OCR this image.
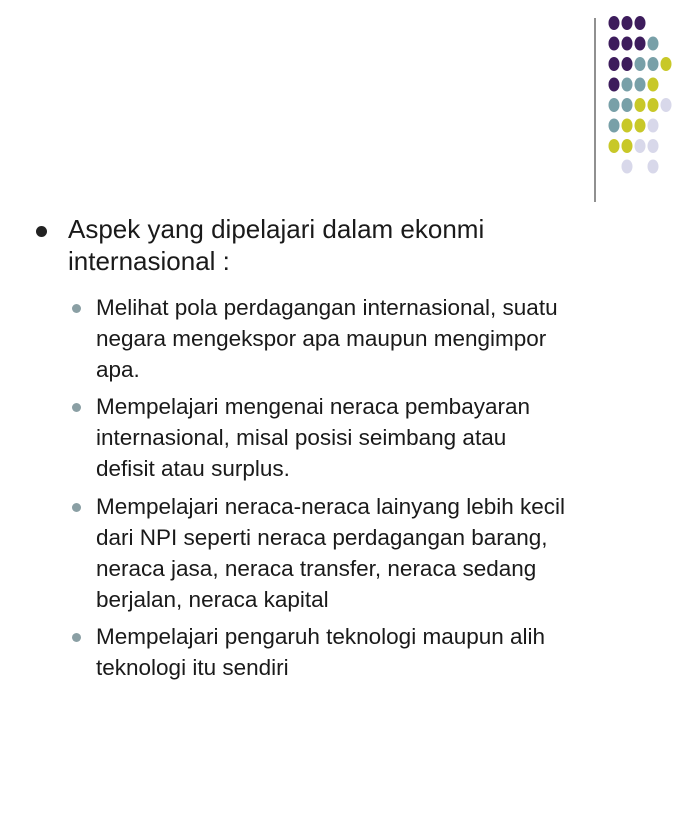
Aspek yang dipelajari dalam ekonmi
internasional :
Melihat pola perdagangan internasional, suatu
negara mengekspor apa maupun mengimpor
apa.
Mempelajari mengenai neraca pembayaran
internasional, misal posisi seimbang atau
defisit atau surplus.
Mempelajari neraca-neraca lainyang lebih kecil
dari NPI seperti neraca perdagangan barang,
neraca jasa, neraca transfer, neraca sedang
berjalan, neraca kapital
Mempelajari pengaruh teknologi maupun alih
teknologi itu sendiri
